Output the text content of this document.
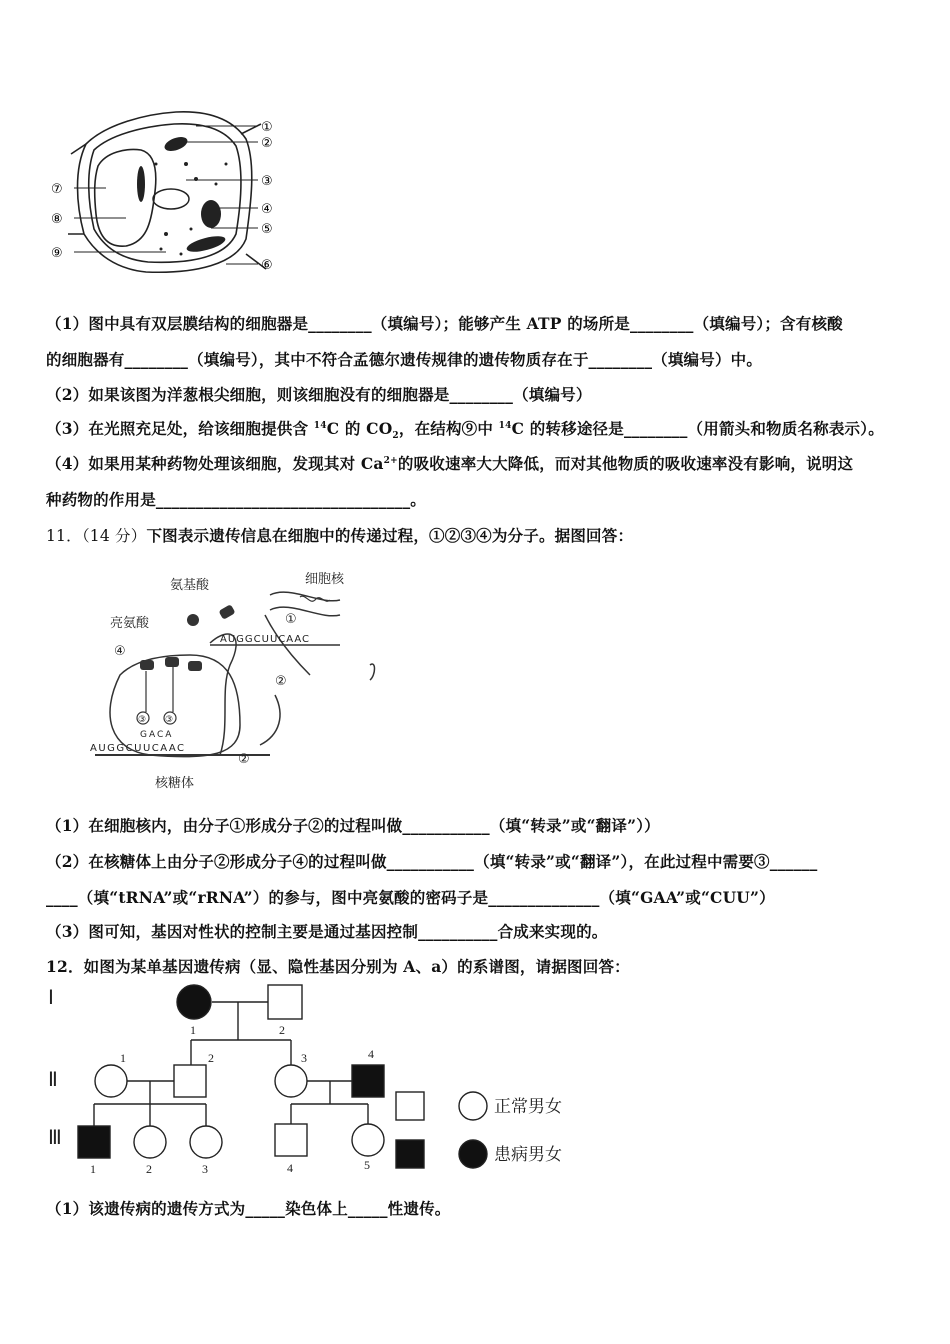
①
②
③
④
⑤
⑥
⑦
⑧
⑨
（1）图中具有双层膜结构的细胞器是________（填编号）；能够产生 ATP 的场所是________（填编号）；含有核酸
的细胞器有________（填编号），其中不符合孟德尔遗传规律的遗传物质存在于________（填编号）中。
（2）如果该图为洋葱根尖细胞，则该细胞没有的细胞器是________（填编号）
（3）在光照充足处，给该细胞提供含 $^{14}$C 的 $CO_2$，在结构⑨中 $^{14}$C 的转移途径是________（用箭头和物质名称表示）。
（4）如果用某种药物处理该细胞，发现其对 $Ca^{2+}$的吸收速率大大降低，而对其他物质的吸收速率没有影响，说明这
种药物的作用是________________________________。
11．（14 分）下图表示遗传信息在细胞中的传递过程，①②③④为分子。据图回答：
氨基酸	细胞核
亮氨酸
核糖体
AUGGCUUCAAC
AUGGCUUCAAC
GACA
①
②
②
③ ③
④
（1）在细胞核内，由分子①形成分子②的过程叫做___________（填“转录”或“翻译”））
（2）在核糖体上由分子②形成分子④的过程叫做___________（填“转录”或“翻译”），在此过程中需要③______
____（填“tRNA”或“rRNA”）的参与，图中亮氨酸的密码子是______________（填“GAA”或“CUU”）
（3）图可知，基因对性状的控制主要是通过基因控制__________合成来实现的。
12．如图为某单基因遗传病（显、隐性基因分别为 A、a）的系谱图，请据图回答：
Ⅰ
Ⅱ
Ⅲ
1	2
1	2	3	4
1	2	3	4	5
正常男女
患病男女
（1）该遗传病的遗传方式为_____染色体上_____性遗传。
